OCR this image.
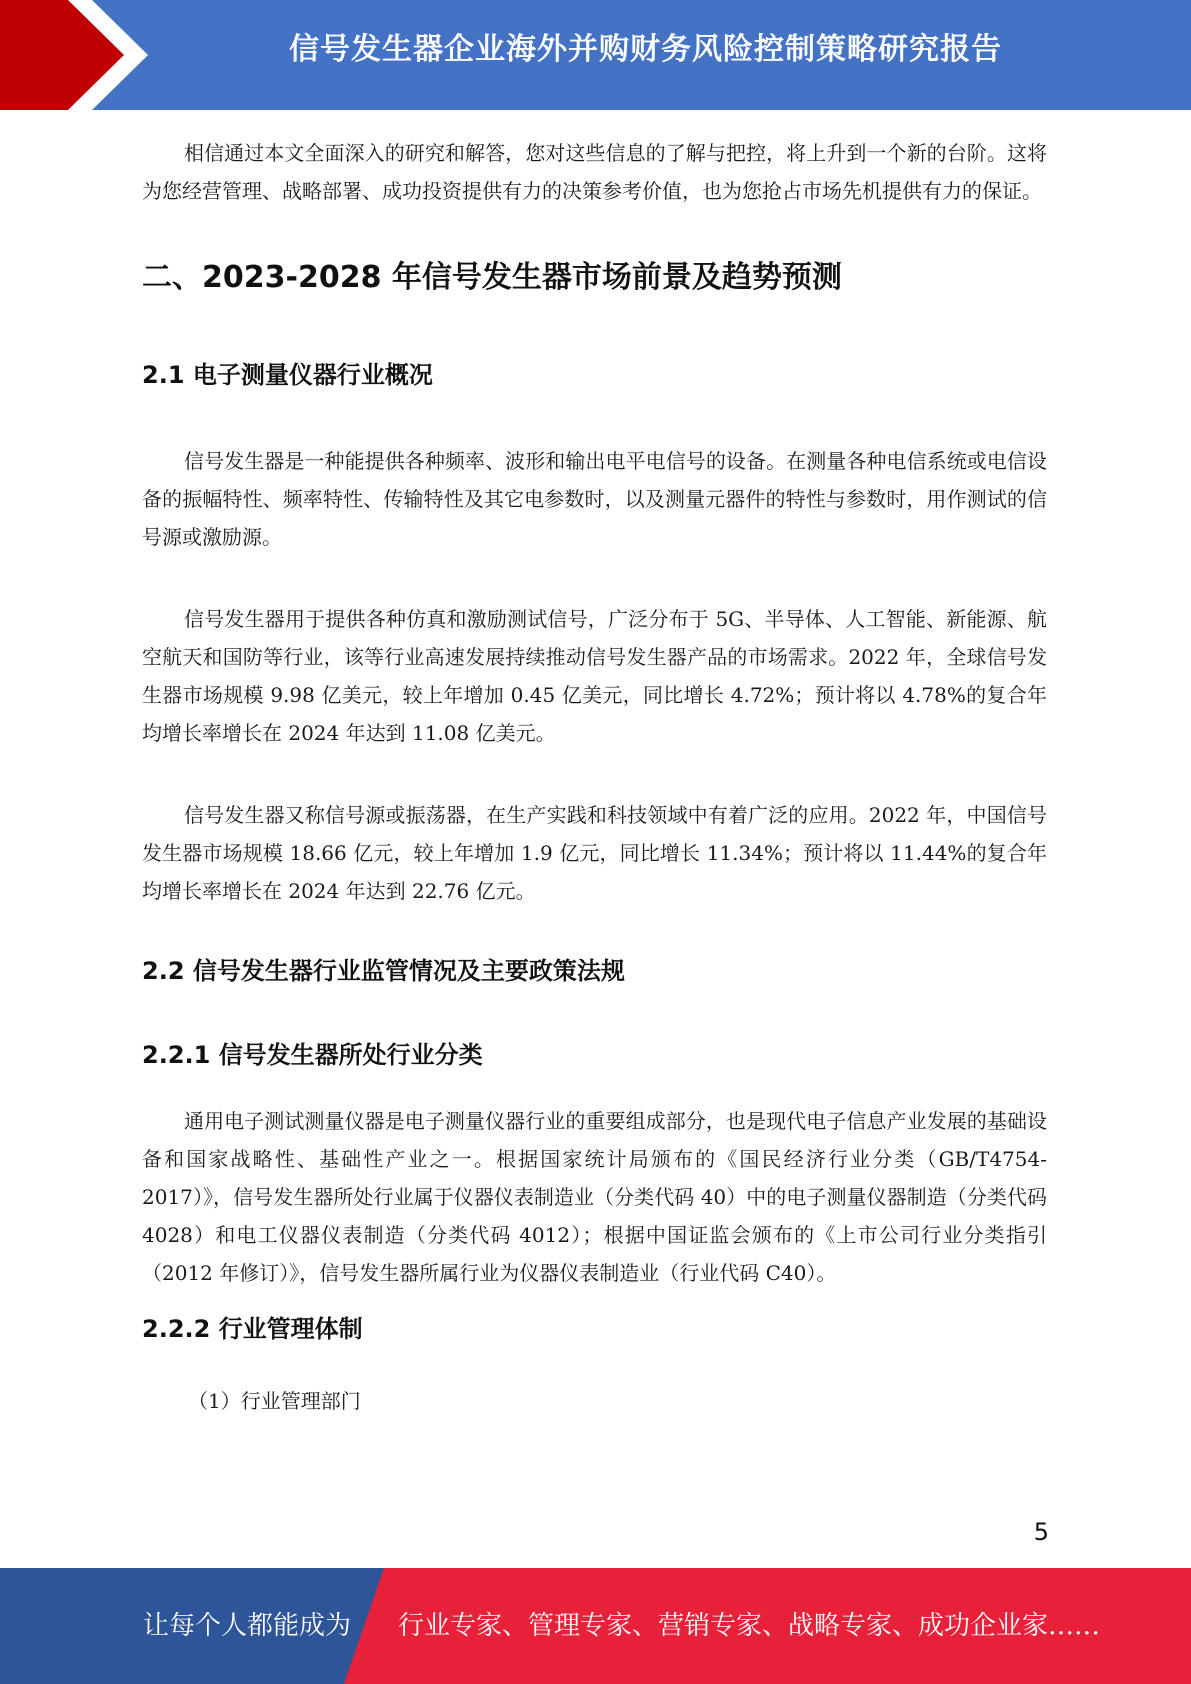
信号发生器企业海外并购财务风险控制策略研究报告

相信通过本文全面深入的研究和解答，您对这些信息的了解与把控，将上升到一个新的台阶。这将为您经营管理、战略部署、成功投资提供有力的决策参考价值，也为您抢占市场先机提供有力的保证。

二、2023-2028 年信号发生器市场前景及趋势预测
2.1 电子测量仪器行业概况

信号发生器是一种能提供各种频率、波形和输出电平电信号的设备。在测量各种电信系统或电信设备的振幅特性、频率特性、传输特性及其它电参数时，以及测量元器件的特性与参数时，用作测试的信号源或激励源。

信号发生器用于提供各种仿真和激励测试信号，广泛分布于 5G、半导体、人工智能、新能源、航空航天和国防等行业，该等行业高速发展持续推动信号发生器产品的市场需求。2022 年，全球信号发生器市场规模 9.98 亿美元，较上年增加 0.45 亿美元，同比增长 4.72%；预计将以 4.78%的复合年均增长率增长在 2024 年达到 11.08 亿美元。

信号发生器又称信号源或振荡器，在生产实践和科技领域中有着广泛的应用。2022 年，中国信号发生器市场规模 18.66 亿元，较上年增加 1.9 亿元，同比增长 11.34%；预计将以 11.44%的复合年均增长率增长在 2024 年达到 22.76 亿元。

2.2 信号发生器行业监管情况及主要政策法规
2.2.1 信号发生器所处行业分类

通用电子测试测量仪器是电子测量仪器行业的重要组成部分，也是现代电子信息产业发展的基础设备和国家战略性、基础性产业之一。根据国家统计局颁布的《国民经济行业分类（GB/T4754-2017）》，信号发生器所处行业属于仪器仪表制造业（分类代码 40）中的电子测量仪器制造（分类代码 4028）和电工仪器仪表制造（分类代码 4012）；根据中国证监会颁布的《上市公司行业分类指引（2012 年修订）》，信号发生器所属行业为仪器仪表制造业（行业代码 C40）。

2.2.2 行业管理体制

（1）行业管理部门

5
让每个人都能成为 行业专家、管理专家、营销专家、战略专家、成功企业家……
